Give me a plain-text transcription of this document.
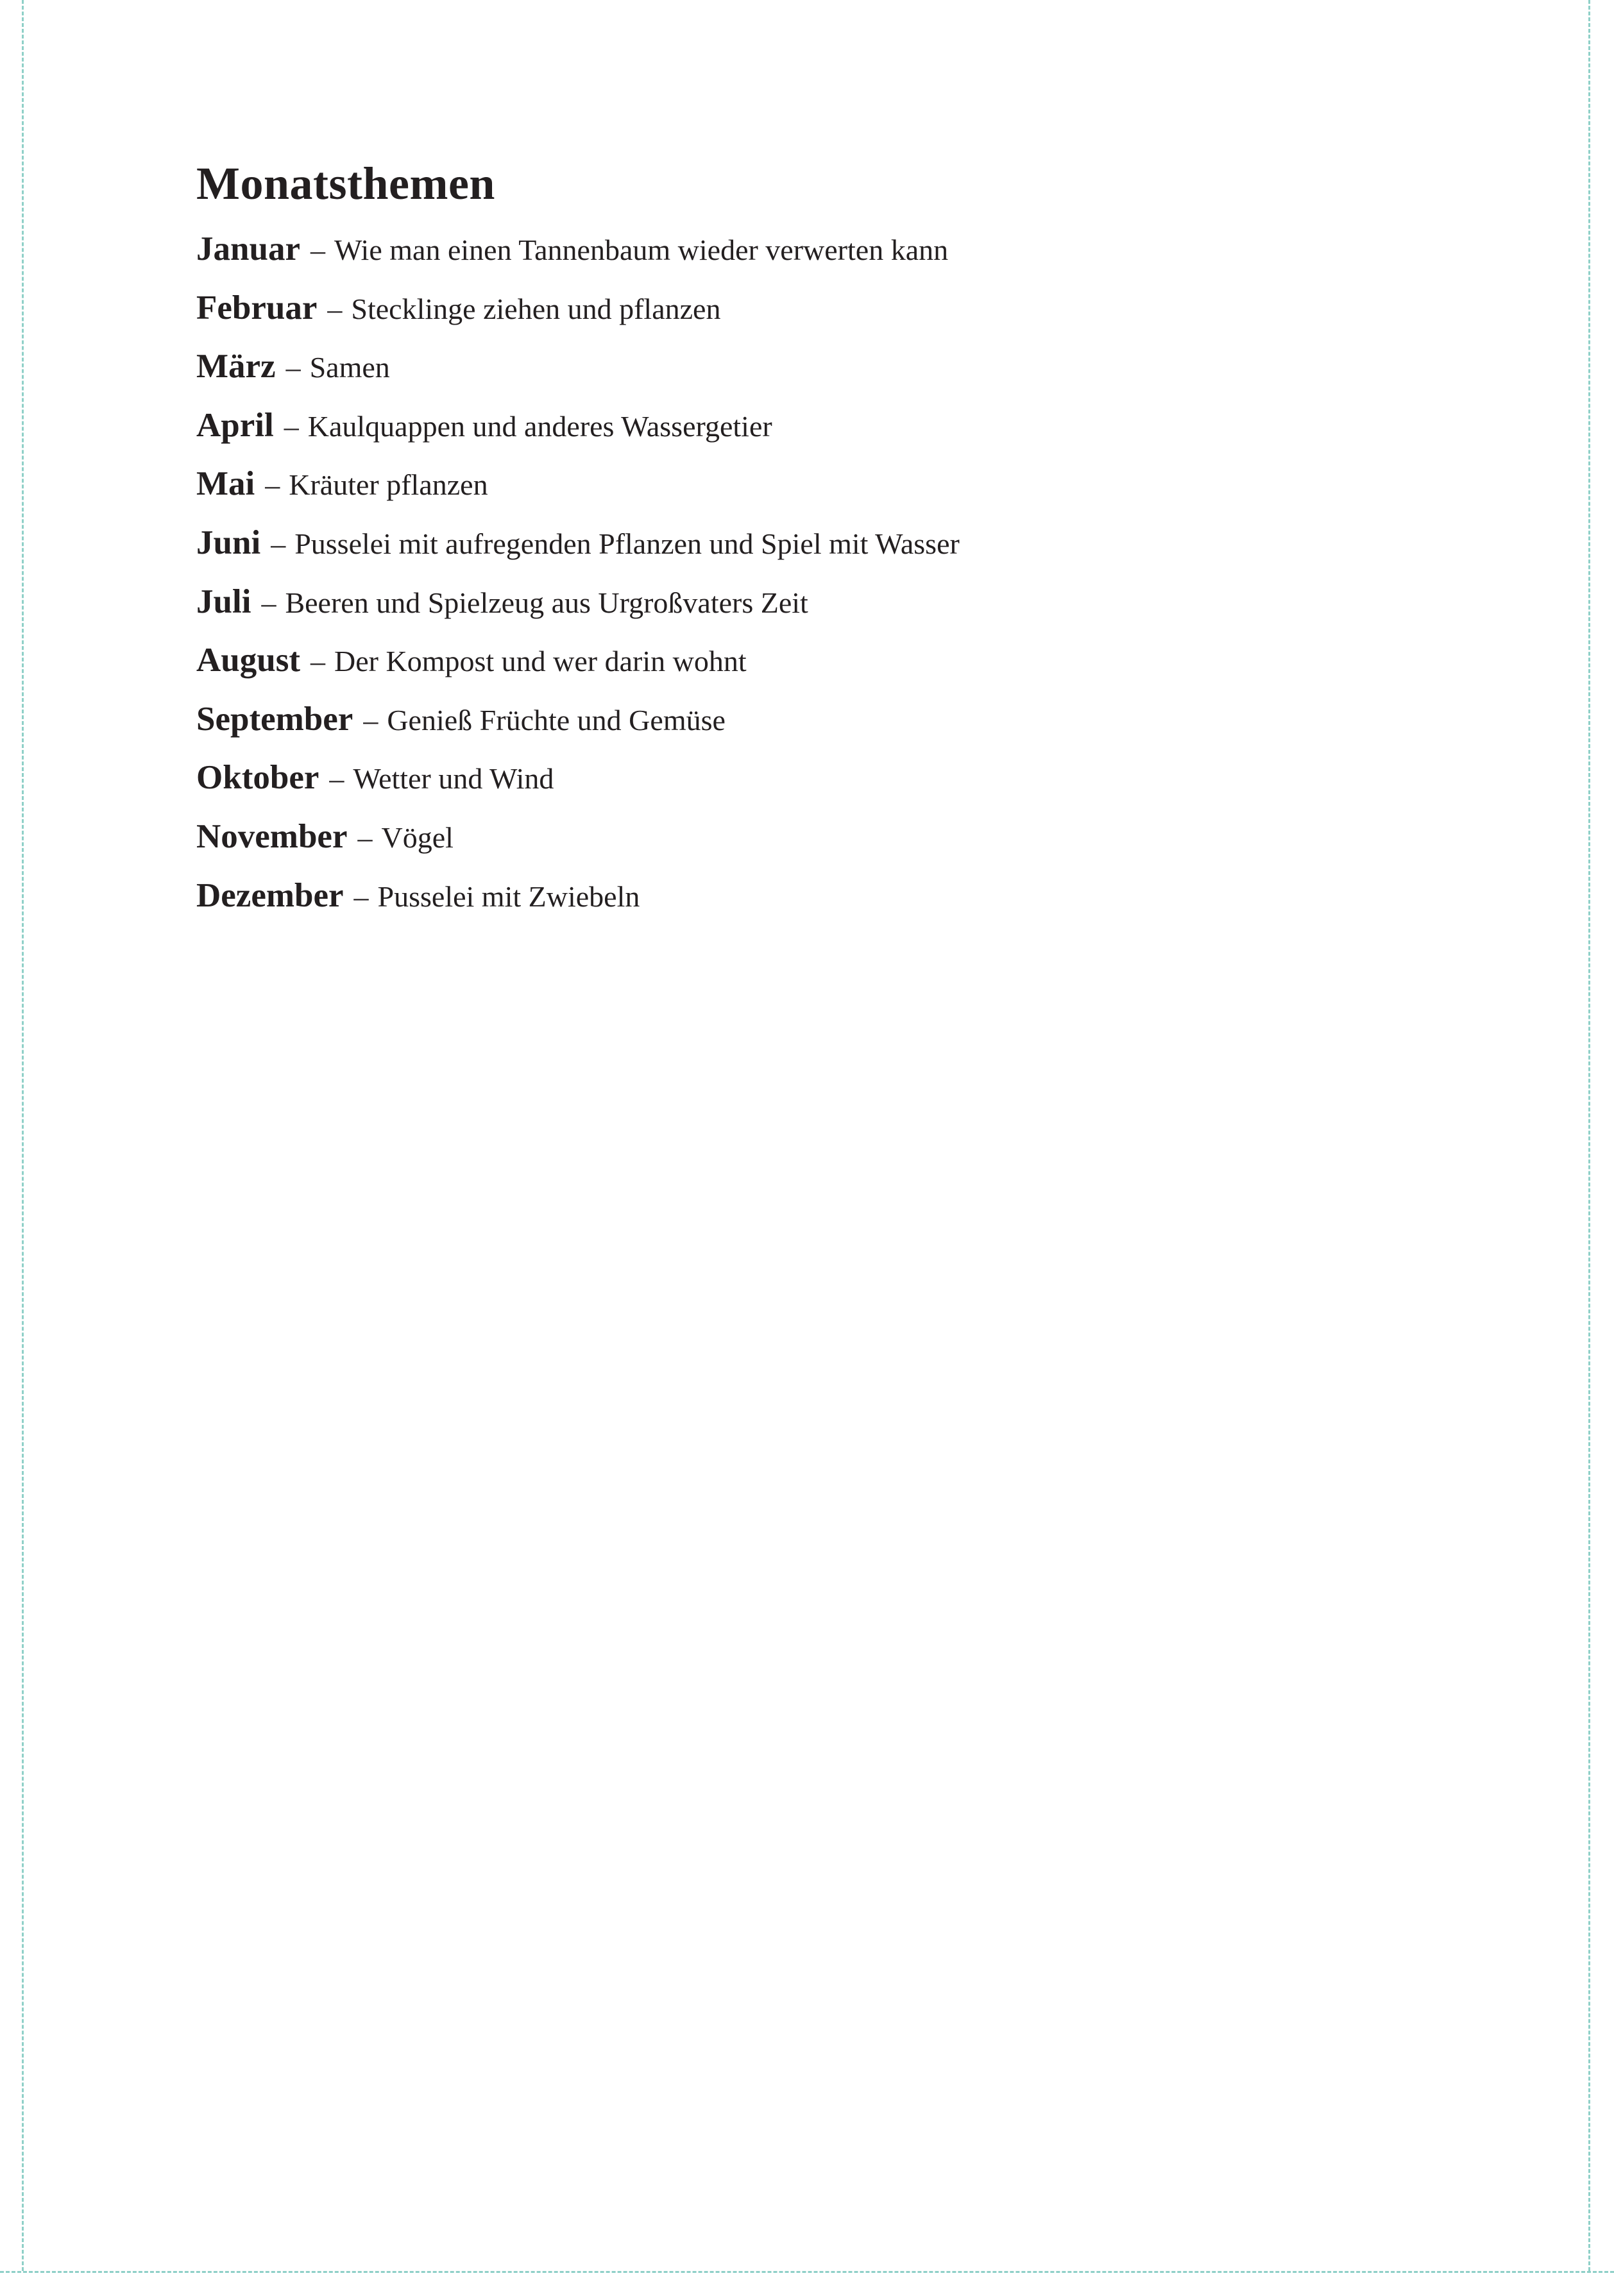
Monatsthemen
Januar – Wie man einen Tannenbaum wieder verwerten kann
Februar – Stecklinge ziehen und pflanzen
März – Samen
April – Kaulquappen und anderes Wassergetier
Mai – Kräuter pflanzen
Juni – Pusselei mit aufregenden Pflanzen und Spiel mit Wasser
Juli – Beeren und Spielzeug aus Urgroßvaters Zeit
August – Der Kompost und wer darin wohnt
September – Genieß Früchte und Gemüse
Oktober – Wetter und Wind
November – Vögel
Dezember – Pusselei mit Zwiebeln
